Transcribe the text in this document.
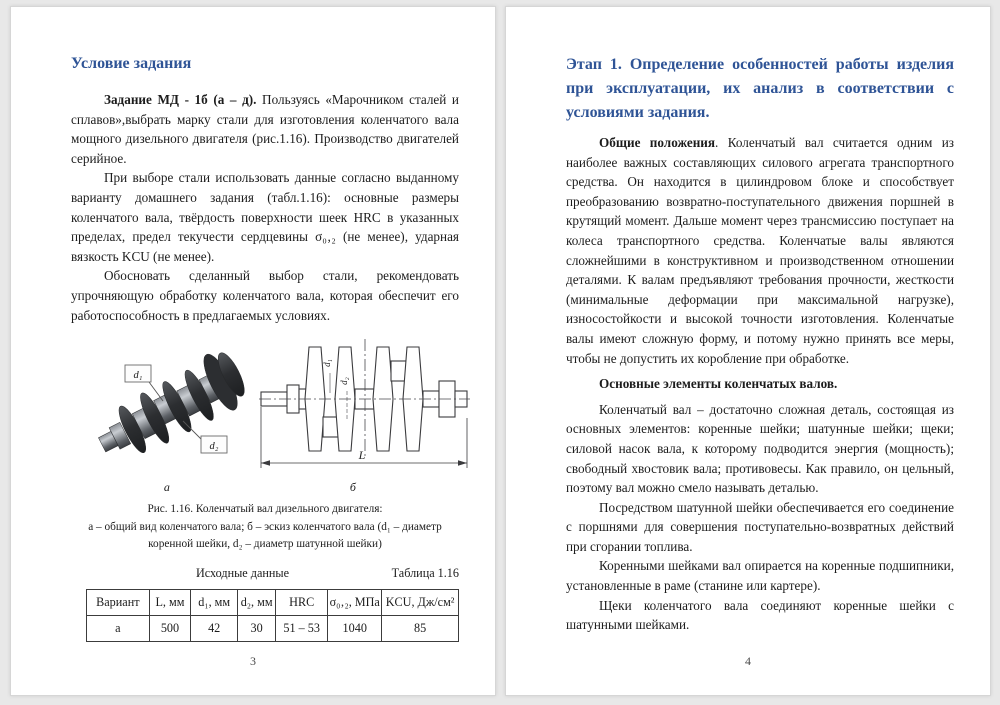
Условие задания

Задание МД - 1б (а – д). Пользуясь «Марочником сталей и сплавов»,выбрать марку стали для изготовления коленчатого вала мощного дизельного двигателя (рис.1.16). Производство двигателей серийное.

При выборе стали использовать данные согласно выданному варианту домашнего задания (табл.1.16): основные размеры коленчатого вала, твёрдость поверхности шеек HRC в указанных пределах, предел текучести сердцевины σ₀‚₂ (не менее), ударная вязкость KCU (не менее).

Обосновать сделанный выбор стали, рекомендовать упрочняющую обработку коленчатого вала, которая обеспечит его работоспособность в предлагаемых условиях.

d₁
d₂
d₁
d₂
L
а	б
Рис. 1.16. Коленчатый вал дизельного двигателя:
а – общий вид коленчатого вала; б – эскиз коленчатого вала (d₁ – диаметр коренной шейки, d₂ – диаметр шатунной шейки)
Исходные данные	Таблица 1.16
Вариант	L, мм	d₁, мм	d₂, мм	HRC	σ₀‚₂, МПа	KCU, Дж/см²
а	500	42	30	51 – 53	1040	85
3
Этап 1. Определение особенностей работы изделия при эксплуатации, их анализ в соответствии с условиями задания.

Общие положения. Коленчатый вал считается одним из наиболее важных составляющих силового агрегата транспортного средства. Он находится в цилиндровом блоке и способствует преобразованию возвратно-поступательного движения поршней в крутящий момент. Дальше момент через трансмиссию поступает на колеса транспортного средства. Коленчатые валы являются сложнейшими в конструктивном и производственном отношении деталями. К валам предъявляют требования прочности, жесткости (минимальные деформации при максимальной нагрузке), износостойкости и высокой точности изготовления. Коленчатые валы имеют сложную форму, и потому нужно принять все меры, чтобы не допустить их коробление при обработке.

Основные элементы коленчатых валов.

Коленчатый вал – достаточно сложная деталь, состоящая из основных элементов: коренные шейки; шатунные шейки; щеки; силовой насок вала, к которому подводится энергия (мощность); свободный хвостовик вала; противовесы. Как правило, он цельный, поэтому вал можно смело называть деталью.

Посредством шатунной шейки обеспечивается его соединение с поршнями для совершения поступательно-возвратных действий при сгорании топлива.

Коренными шейками вал опирается на коренные подшипники, установленные в раме (станине или картере).

Щеки коленчатого вала соединяют коренные шейки с шатунными шейками.

4
